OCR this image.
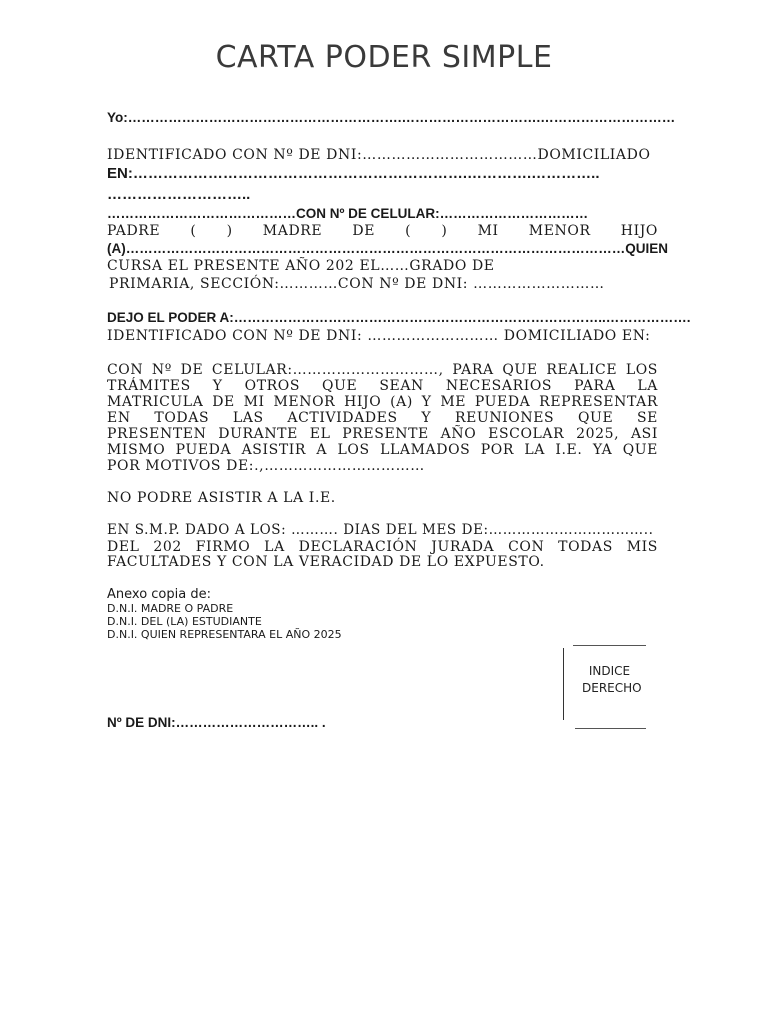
CARTA PODER SIMPLE
Yo:…………………………………………………….………………………….…………………………
IDENTIFICADO CON Nº DE DNI:………………………………DOMICILIADO
EN:………………………………………………………….………….…………..
………………………..
……………………………………CON Nº DE CELULAR:……………………………
PADRE ( ) MADRE DE ( ) MI MENOR HIJO
(A)…………………………………………………………………………………………………QUIEN
CURSA EL PRESENTE AÑO 202 EL……GRADO DE
PRIMARIA, SECCIÓN:…………CON Nº DE DNI: ………………………
DEJO EL PODER A:………………………………………………………………………..……………….
IDENTIFICADO CON Nº DE DNI: ……………………… DOMICILIADO EN:
CON Nº DE CELULAR:…………………………, PARA QUE REALICE LOS
TRÁMITES Y OTROS QUE SEAN NECESARIOS PARA LA
MATRICULA DE MI MENOR HIJO (A) Y ME PUEDA REPRESENTAR
EN TODAS LAS ACTIVIDADES Y REUNIONES QUE SE
PRESENTEN DURANTE EL PRESENTE AÑO ESCOLAR 2025, ASI
MISMO PUEDA ASISTIR A LOS LLAMADOS POR LA I.E. YA QUE
POR MOTIVOS DE:.,……………………………
NO PODRE ASISTIR A LA I.E.
EN S.M.P. DADO A LOS: ………. DIAS DEL MES DE:……………………………..
DEL 202 FIRMO LA DECLARACIÓN JURADA CON TODAS MIS
FACULTADES Y CON LA VERACIDAD DE LO EXPUESTO.
Anexo copia de:
D.N.I. MADRE O PADRE
D.N.I. DEL (LA) ESTUDIANTE
D.N.I. QUIEN REPRESENTARA EL AÑO 2025
INDICE
DERECHO
Nº DE DNI:………………………….. .
